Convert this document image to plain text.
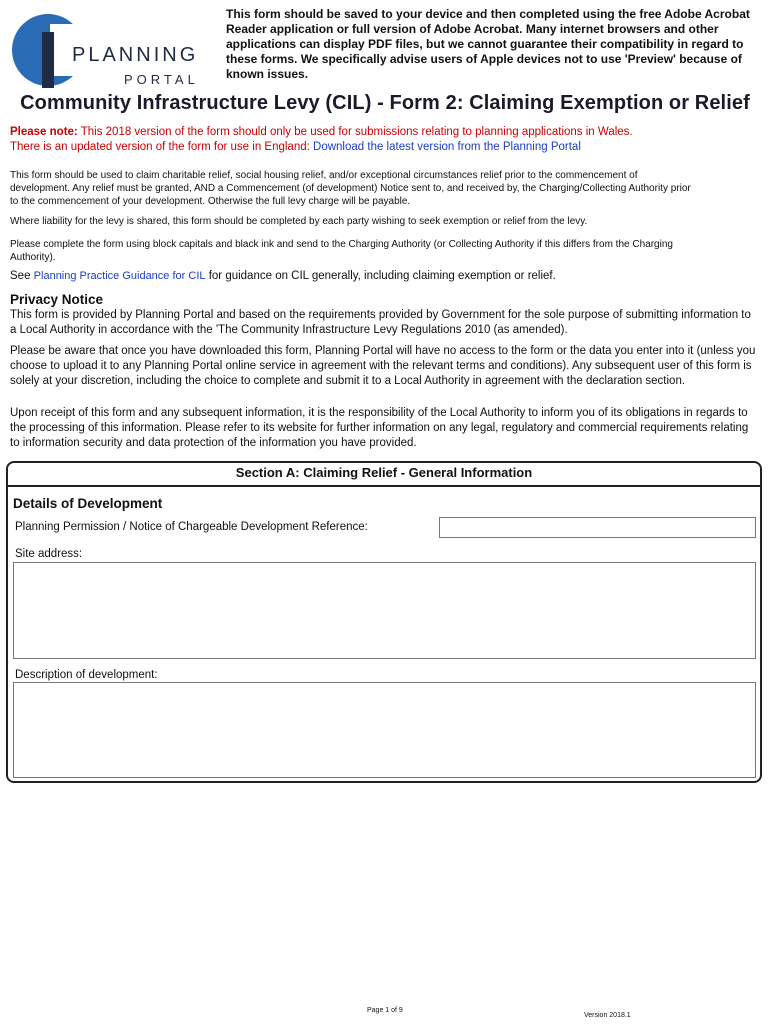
PLANNING
PORTAL
This form should be saved to your device and then completed using the free Adobe Acrobat Reader application or full version of Adobe Acrobat. Many internet browsers and other applications can display PDF files, but we cannot guarantee their compatibility in regard to these forms. We specifically advise users of Apple devices not to use 'Preview' because of known issues.
Community Infrastructure Levy (CIL) - Form 2: Claiming Exemption or Relief
Please note: This 2018 version of the form should only be used for submissions relating to planning applications in Wales.
There is an updated version of the form for use in England: Download the latest version from the Planning Portal
This form should be used to claim charitable relief, social housing relief, and/or exceptional circumstances relief prior to the commencement of development. Any relief must be granted, AND a Commencement (of development) Notice sent to, and received by, the Charging/Collecting Authority prior to the commencement of your development. Otherwise the full levy charge will be payable.
Where liability for the levy is shared, this form should be completed by each party wishing to seek exemption or relief from the levy.
Please complete the form using block capitals and black ink and send to the Charging Authority (or Collecting Authority if this differs from the Charging Authority).
See Planning Practice Guidance for CIL for guidance on CIL generally, including claiming exemption or relief.
Privacy Notice
This form is provided by Planning Portal and based on the requirements provided by Government for the sole purpose of submitting information to a Local Authority in accordance with the 'The Community Infrastructure Levy Regulations 2010 (as amended).
Please be aware that once you have downloaded this form, Planning Portal will have no access to the form or the data you enter into it (unless you choose to upload it to any Planning Portal online service in agreement with the relevant terms and conditions). Any subsequent user of this form is solely at your discretion, including the choice to complete and submit it to a Local Authority in agreement with the declaration section.
Upon receipt of this form and any subsequent information, it is the responsibility of the Local Authority to inform you of its obligations in regards to the processing of this information. Please refer to its website for further information on any legal, regulatory and commercial requirements relating to information security and data protection of the information you have provided.
Section A: Claiming Relief - General Information
Details of Development
Planning Permission / Notice of Chargeable Development Reference:
Site address:
Description of development:
Page 1 of 9
Version 2018.1
